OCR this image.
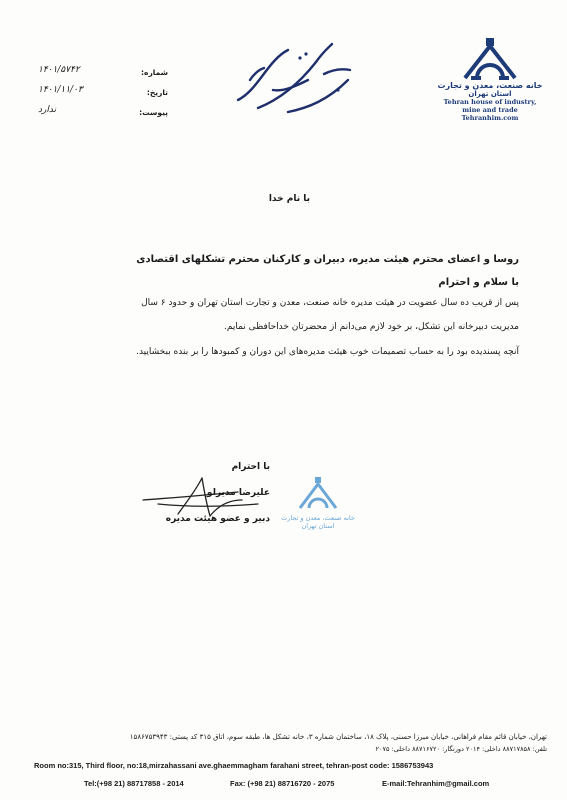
خانه صنعت، معدن و تجارت
استان تهران
Tehran house of industry,
mine and trade
Tehranhim.com
شماره:
۱۴۰۱/۵۷۴۲
تاریخ:
۱۴۰۱/۱۱/۰۳
پیوست:
ندارد
با نام خدا
روسا و اعضای محترم هیئت مدیره، دبیران و کارکنان محترم تشکلهای اقتصادی
با سلام و احترام
پس از قریب ده سال عضویت در هیئت مدیره خانه صنعت، معدن و تجارت استان تهران و حدود ۶ سال
مدیریت دبیرخانه این تشکل، بر خود لازم می‌دانم از محضرتان خداحافظی نمایم.
آنچه پسندیده بود را به حساب تصمیمات خوب هیئت مدیره‌های این دوران و کمبودها را بر بنده ببخشایید.
با احترام
علیرضا مدیرلو
دبیر و عضو هیئت مدیره خانه صنعت، معدن و تجارت
استان تهران
تهران، خیابان قائم مقام فراهانی، خیابان میرزا حسنی، پلاک ۱۸، ساختمان شماره ۳، خانه تشکل ها، طبقه سوم، اتاق ۳۱۵ کد پستی: ۱۵۸۶۷۵۳۹۴۳
تلفن: ۸۸۷۱۷۸۵۸ داخلی: ۲۰۱۴ دورنگار: ۸۸۷۱۶۷۲۰ داخلی: ۲۰۷۵
Room no:315, Third floor, no:18,mirzahassani ave.ghaemmagham farahani street, tehran-post code: 1586753943
Tel:(+98 21) 88717858 - 2014	Fax: (+98 21) 88716720 - 2075	E-mail:Tehranhim@gmail.com
